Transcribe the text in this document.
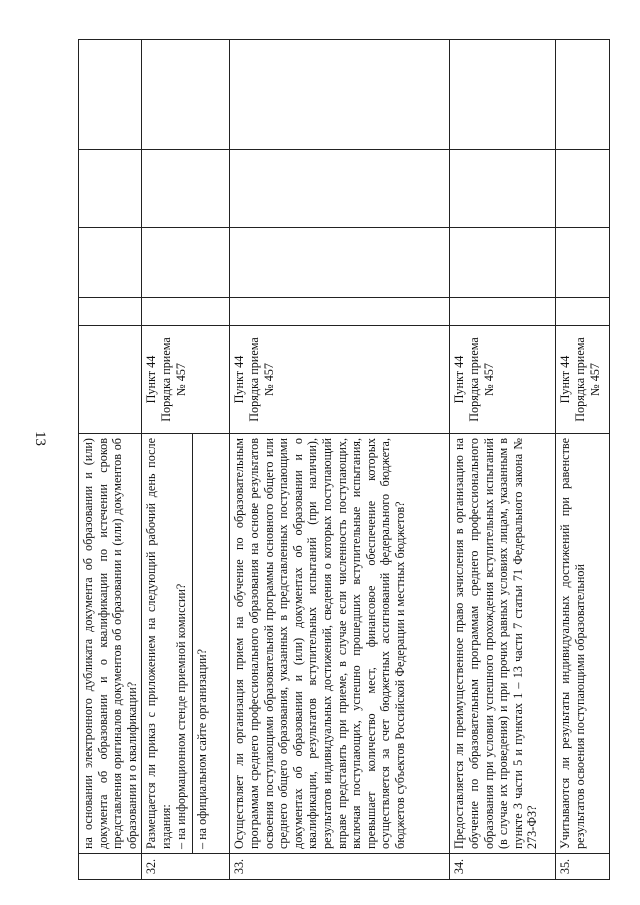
13
		на основании электронного дубликата документа об образовании и (или) документа об образовании и о квалификации по истечении сроков представления оригиналов документов об образовании и (или) документов об образовании и о квалификации?					
32.	Размещается ли приказ с приложением на следующий рабочий день после издания: – на информационном стенде приемной комиссии? – на официальном сайте организации?	Пункт 44 Порядка приема № 457				

33.	Осуществляет ли организация прием на обучение по образовательным программам среднего профессионального образования на основе результатов освоения поступающими образовательной программы основного общего или среднего общего образования, указанных в представленных поступающими документах об образовании и (или) документах об образовании и о квалификации, результатов вступительных испытаний (при наличии), результатов индивидуальных достижений, сведения о которых поступающий вправе представить при приеме, в случае если численность поступающих, включая поступающих, успешно прошедших вступительные испытания, превышает количество мест, финансовое обеспечение которых осуществляется за счет бюджетных ассигнований федерального бюджета, бюджетов субъектов Российской Федерации и местных бюджетов?	Пункт 44 Порядка приема № 457				

34.	Предоставляется ли преимущественное право зачисления в организацию на обучение по образовательным программам среднего профессионального образования при условии успешного прохождения вступительных испытаний (в случае их проведения) и при прочих равных условиях лицам, указанным в пункте 3 части 5 и пунктах 1 – 13 части 7 статьи 71 Федерального закона № 273-ФЗ?	Пункт 44 Порядка приема № 457				

35.	Учитываются ли результаты индивидуальных достижений при равенстве результатов освоения поступающими образовательной	Пункт 44 Порядка приема № 457				
